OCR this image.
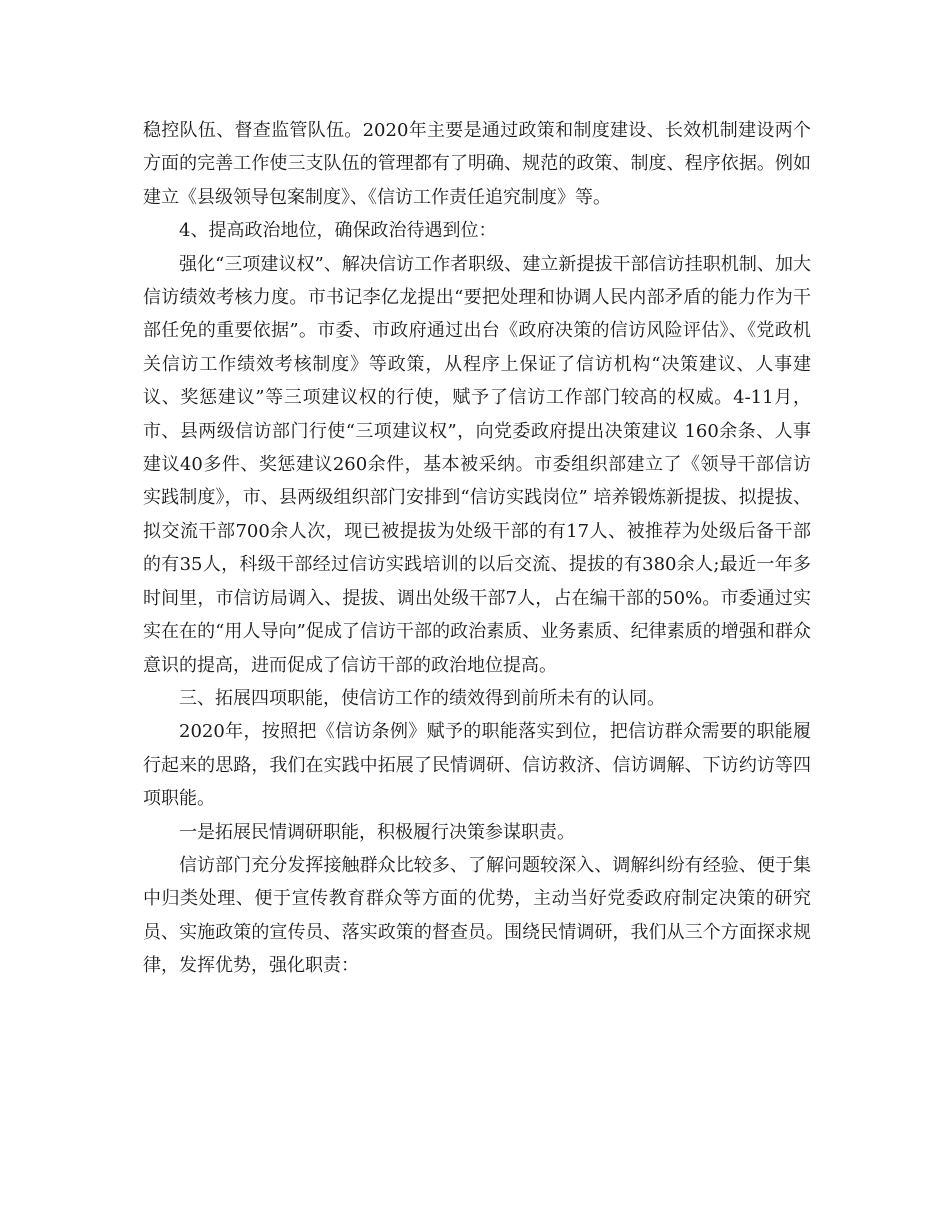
稳控队伍、督查监管队伍。2020年主要是通过政策和制度建设、长效机制建设两个方面的完善工作使三支队伍的管理都有了明确、规范的政策、制度、程序依据。例如建立《县级领导包案制度》、《信访工作责任追究制度》等。

4、提高政治地位，确保政治待遇到位：

强化“三项建议权”、解决信访工作者职级、建立新提拔干部信访挂职机制、加大信访绩效考核力度。市书记李亿龙提出“要把处理和协调人民内部矛盾的能力作为干部任免的重要依据”。市委、市政府通过出台《政府决策的信访风险评估》、《党政机关信访工作绩效考核制度》等政策，从程序上保证了信访机构“决策建议、人事建议、奖惩建议”等三项建议权的行使，赋予了信访工作部门较高的权威。4-11月，市、县两级信访部门行使“三项建议权”，向党委政府提出决策建议 160余条、人事建议40多件、奖惩建议260余件，基本被采纳。市委组织部建立了《领导干部信访实践制度》，市、县两级组织部门安排到“信访实践岗位” 培养锻炼新提拔、拟提拔、拟交流干部700余人次，现已被提拔为处级干部的有17人、被推荐为处级后备干部的有35人，科级干部经过信访实践培训的以后交流、提拔的有380余人;最近一年多时间里，市信访局调入、提拔、调出处级干部7人，占在编干部的50%。市委通过实实在在的“用人导向”促成了信访干部的政治素质、业务素质、纪律素质的增强和群众意识的提高，进而促成了信访干部的政治地位提高。

三、拓展四项职能，使信访工作的绩效得到前所未有的认同。

2020年，按照把《信访条例》赋予的职能落实到位，把信访群众需要的职能履行起来的思路，我们在实践中拓展了民情调研、信访救济、信访调解、下访约访等四项职能。

一是拓展民情调研职能，积极履行决策参谋职责。

信访部门充分发挥接触群众比较多、了解问题较深入、调解纠纷有经验、便于集中归类处理、便于宣传教育群众等方面的优势，主动当好党委政府制定决策的研究员、实施政策的宣传员、落实政策的督查员。围绕民情调研，我们从三个方面探求规律，发挥优势，强化职责：
